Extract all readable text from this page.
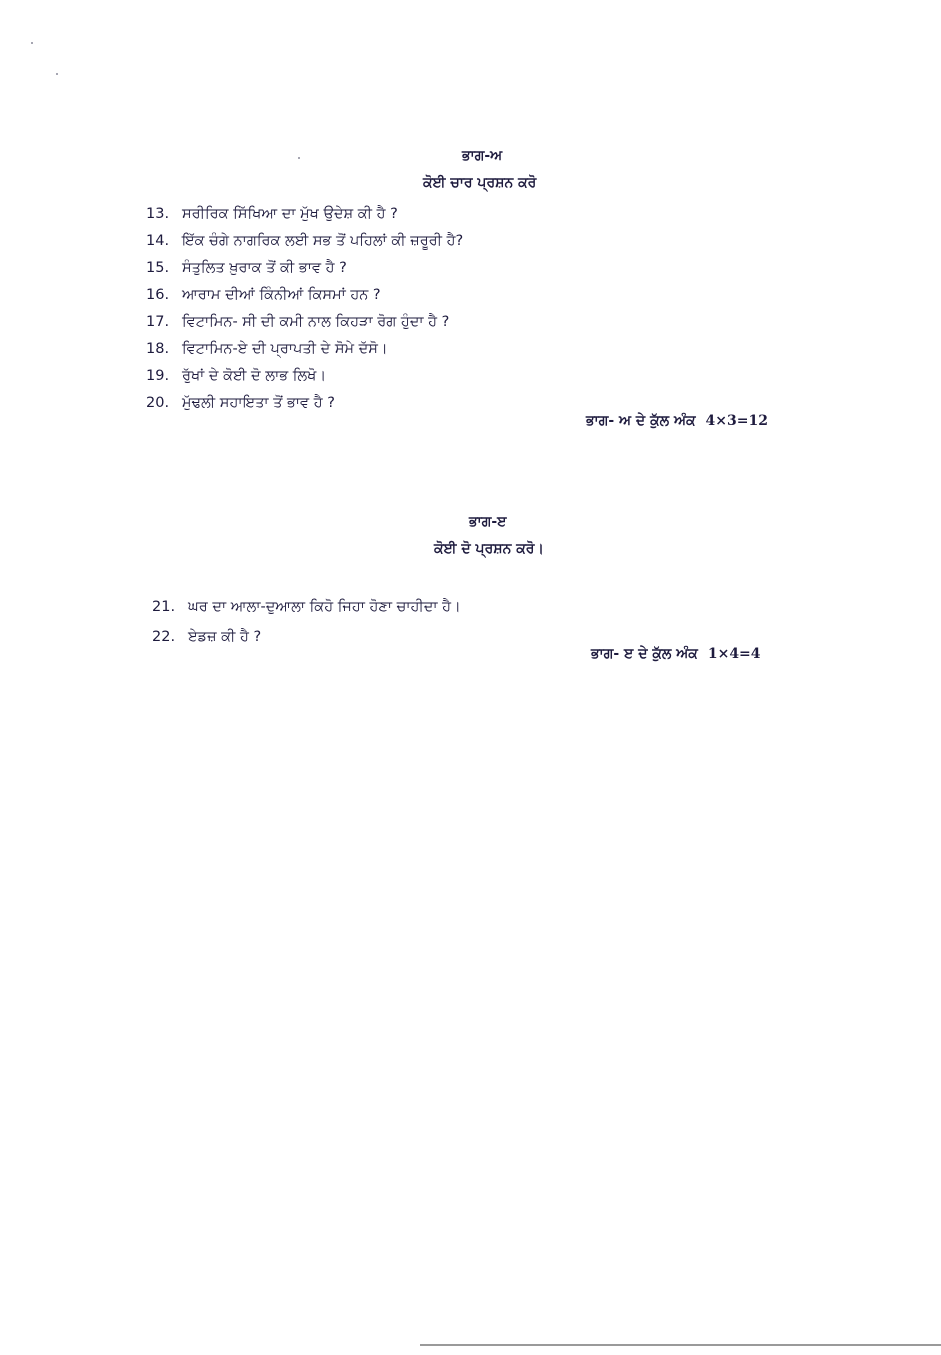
ਭਾਗ-ਅ
ਕੋਈ ਚਾਰ ਪ੍ਰਸ਼ਨ ਕਰੋ
13. ਸਰੀਰਿਕ ਸਿੱਖਿਆ ਦਾ ਮੁੱਖ ਉਦੇਸ਼ ਕੀ ਹੈ ?
14. ਇੱਕ ਚੰਗੇ ਨਾਗਰਿਕ ਲਈ ਸਭ ਤੋਂ ਪਹਿਲਾਂ ਕੀ ਜ਼ਰੂਰੀ ਹੈ?
15. ਸੰਤੁਲਿਤ ਖ਼ੁਰਾਕ ਤੋਂ ਕੀ ਭਾਵ ਹੈ ?
16. ਆਰਾਮ ਦੀਆਂ ਕਿੰਨੀਆਂ ਕਿਸਮਾਂ ਹਨ ?
17. ਵਿਟਾਮਿਨ- ਸੀ ਦੀ ਕਮੀ ਨਾਲ ਕਿਹੜਾ ਰੋਗ ਹੁੰਦਾ ਹੈ ?
18. ਵਿਟਾਮਿਨ-ਏ ਦੀ ਪ੍ਰਾਪਤੀ ਦੇ ਸੋਮੇ ਦੱਸੋ।
19. ਰੁੱਖਾਂ ਦੇ ਕੋਈ ਦੋ ਲਾਭ ਲਿਖੋ।
20. ਮੁੱਢਲੀ ਸਹਾਇਤਾ ਤੋਂ ਭਾਵ ਹੈ ?
ਭਾਗ- ਅ ਦੇ ਕੁੱਲ ਅੰਕ 4×3=12
ਭਾਗ-ੲ
ਕੋਈ ਦੋ ਪ੍ਰਸ਼ਨ ਕਰੋ।
21. ਘਰ ਦਾ ਆਲਾ-ਦੁਆਲਾ ਕਿਹੋ ਜਿਹਾ ਹੋਣਾ ਚਾਹੀਦਾ ਹੈ।
22. ਏਡਜ਼ ਕੀ ਹੈ ?
ਭਾਗ- ੲ ਦੇ ਕੁੱਲ ਅੰਕ 1×4=4
